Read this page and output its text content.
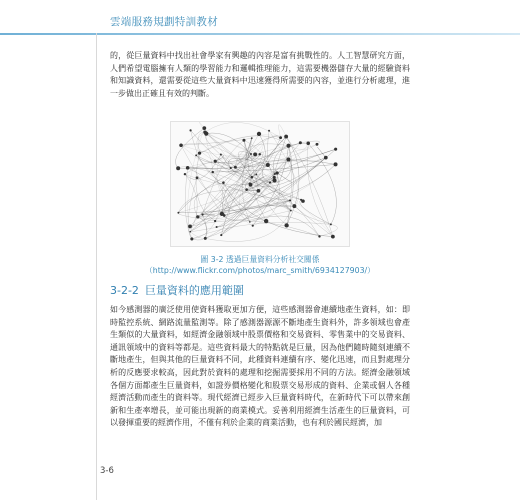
雲端服務規劃特訓教材

的，從巨量資料中找出社會學家有興趣的內容是富有挑戰性的。人工智慧研究方面，人們希望電腦擁有人類的學習能力和邏輯推理能力，這需要機器儲存大量的經驗資料和知識資料，還需要從這些大量資料中迅速獲得所需要的內容，並進行分析處理，進一步做出正確且有效的判斷。

圖 3-2 透過巨量資料分析社交關係

（http://www.flickr.com/photos/marc_smith/6934127903/）

3-2-2 巨量資料的應用範圍

如今感測器的廣泛使用使資料獲取更加方便，這些感測器會連續地產生資料，如：即時監控系統、網路流量監測等。除了感測器源源不斷地產生資料外，許多領域也會產生類似的大量資料，如經濟金融領域中股票價格和交易資料、零售業中的交易資料、通訊領域中的資料等都是。這些資料最大的特點就是巨量，因為他們隨時隨刻連續不斷地產生，但與其他的巨量資料不同，此種資料連續有序、變化迅速，而且對處理分析的反應要求較高，因此對於資料的處理和挖掘需要採用不同的方法。經濟金融領域各個方面都產生巨量資料，如證券價格變化和股票交易形成的資料、企業或個人各種經濟活動而產生的資料等。現代經濟已經步入巨量資料時代，在新時代下可以帶來創新和生產率增長，並可能出現新的商業模式。妥善利用經濟生活產生的巨量資料，可以發揮重要的經濟作用，不僅有利於企業的商業活動，也有利於國民經濟，加

3-6
